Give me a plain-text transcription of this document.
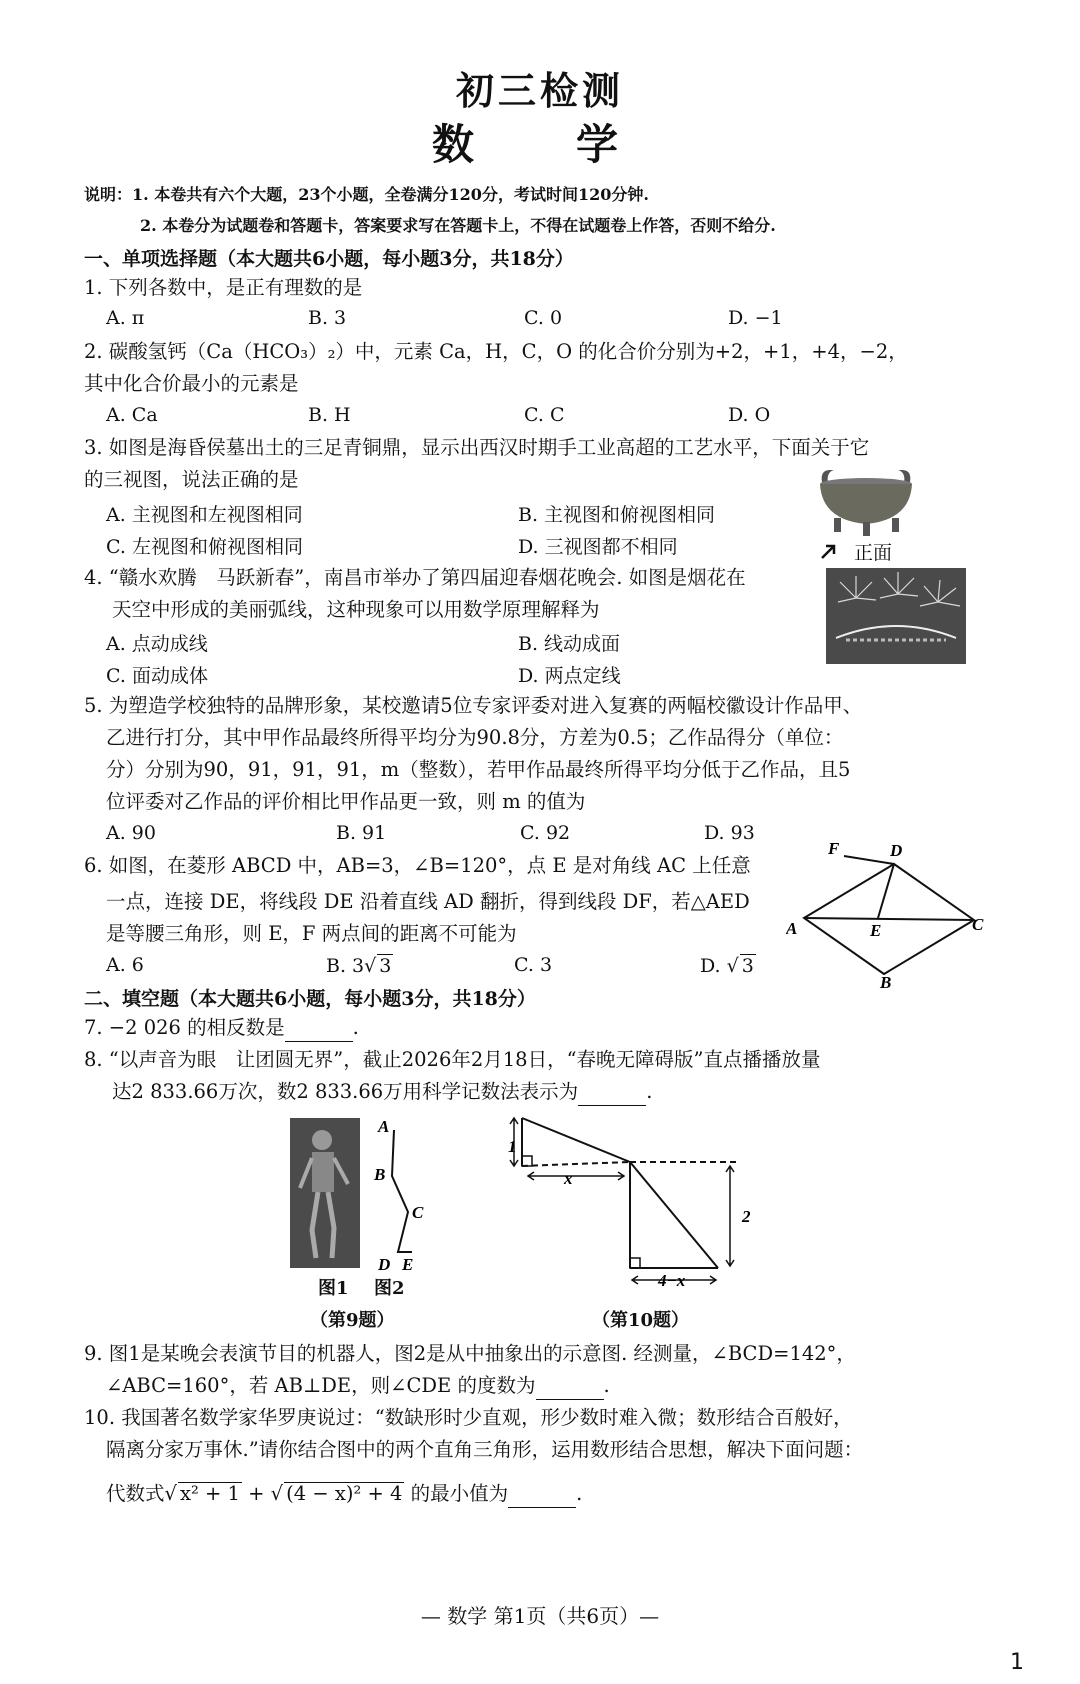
初三检测
数　学
说明：1. 本卷共有六个大题，23个小题，全卷满分120分，考试时间120分钟.
2. 本卷分为试题卷和答题卡，答案要求写在答题卡上，不得在试题卷上作答，否则不给分.
一、单项选择题（本大题共6小题，每小题3分，共18分）
1. 下列各数中，是正有理数的是
A. π	B. 3	C. 0	D. −1
2. 碳酸氢钙（Ca（HCO₃）₂）中，元素 Ca，H，C，O 的化合价分别为+2，+1，+4，−2，
其中化合价最小的元素是
A. Ca	B. H	C. C	D. O
3. 如图是海昏侯墓出土的三足青铜鼎，显示出西汉时期手工业高超的工艺水平，下面关于它
的三视图，说法正确的是
A. 主视图和左视图相同	B. 主视图和俯视图相同
C. 左视图和俯视图相同	D. 三视图都不相同	正面
4. “赣水欢腾　马跃新春”，南昌市举办了第四届迎春烟花晚会. 如图是烟花在
天空中形成的美丽弧线，这种现象可以用数学原理解释为
A. 点动成线	B. 线动成面
C. 面动成体	D. 两点定线
5. 为塑造学校独特的品牌形象，某校邀请5位专家评委对进入复赛的两幅校徽设计作品甲、
乙进行打分，其中甲作品最终所得平均分为90.8分，方差为0.5；乙作品得分（单位：
分）分别为90，91，91，91，m（整数），若甲作品最终所得平均分低于乙作品，且5
位评委对乙作品的评价相比甲作品更一致，则 m 的值为
A. 90	B. 91	C. 92	D. 93
6. 如图，在菱形 ABCD 中，AB=3，∠B=120°，点 E 是对角线 AC 上任意
一点，连接 DE，将线段 DE 沿着直线 AD 翻折，得到线段 DF，若△AED
是等腰三角形，则 E，F 两点间的距离不可能为
A. 6	B. 3√ 3	C. 3	D. √ 3
F	D
A	E	C
B
二、填空题（本大题共6小题，每小题3分，共18分）
7. −2 026 的相反数是	.
8. “以声音为眼　让团圆无界”，截止2026年2月18日，“春晚无障碍版”直点播播放量
达2 833.66万次，数2 833.66万用科学记数法表示为	.
A
B
C
D E
图1 图2
（第9题）
1
x
2
4−x
（第10题）
9. 图1是某晚会表演节目的机器人，图2是从中抽象出的示意图. 经测量，∠BCD=142°，
∠ABC=160°，若 AB⊥DE，则∠CDE 的度数为	.
10. 我国著名数学家华罗庚说过：“数缺形时少直观，形少数时难入微；数形结合百般好，
隔离分家万事休.”请你结合图中的两个直角三角形，运用数形结合思想，解决下面问题：
代数式√ x² + 1 + √ (4 − x)² + 4 的最小值为	.
— 数学 第1页（共6页）—
1
